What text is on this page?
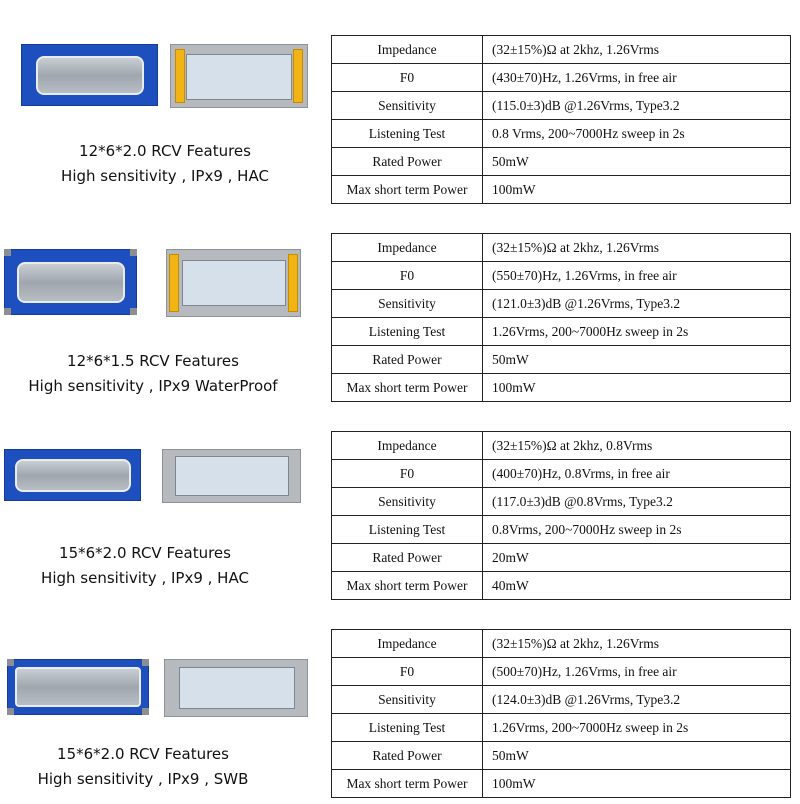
12*6*2.0 RCV Features
High sensitivity , IPx9 , HAC
Impedance	(32±15%)Ω at 2khz, 1.26Vrms
F0	(430±70)Hz, 1.26Vrms, in free air
Sensitivity	(115.0±3)dB @1.26Vrms, Type3.2
Listening Test	0.8 Vrms, 200~7000Hz sweep in 2s
Rated Power	50mW
Max short term Power	100mW
12*6*1.5 RCV Features
High sensitivity , IPx9 WaterProof
Impedance	(32±15%)Ω at 2khz, 1.26Vrms
F0	(550±70)Hz, 1.26Vrms, in free air
Sensitivity	(121.0±3)dB @1.26Vrms, Type3.2
Listening Test	1.26Vrms, 200~7000Hz sweep in 2s
Rated Power	50mW
Max short term Power	100mW
15*6*2.0 RCV Features
High sensitivity , IPx9 , HAC
Impedance	(32±15%)Ω at 2khz, 0.8Vrms
F0	(400±70)Hz, 0.8Vrms, in free air
Sensitivity	(117.0±3)dB @0.8Vrms, Type3.2
Listening Test	0.8Vrms, 200~7000Hz sweep in 2s
Rated Power	20mW
Max short term Power	40mW
15*6*2.0 RCV Features
High sensitivity , IPx9 , SWB
Impedance	(32±15%)Ω at 2khz, 1.26Vrms
F0	(500±70)Hz, 1.26Vrms, in free air
Sensitivity	(124.0±3)dB @1.26Vrms, Type3.2
Listening Test	1.26Vrms, 200~7000Hz sweep in 2s
Rated Power	50mW
Max short term Power	100mW
